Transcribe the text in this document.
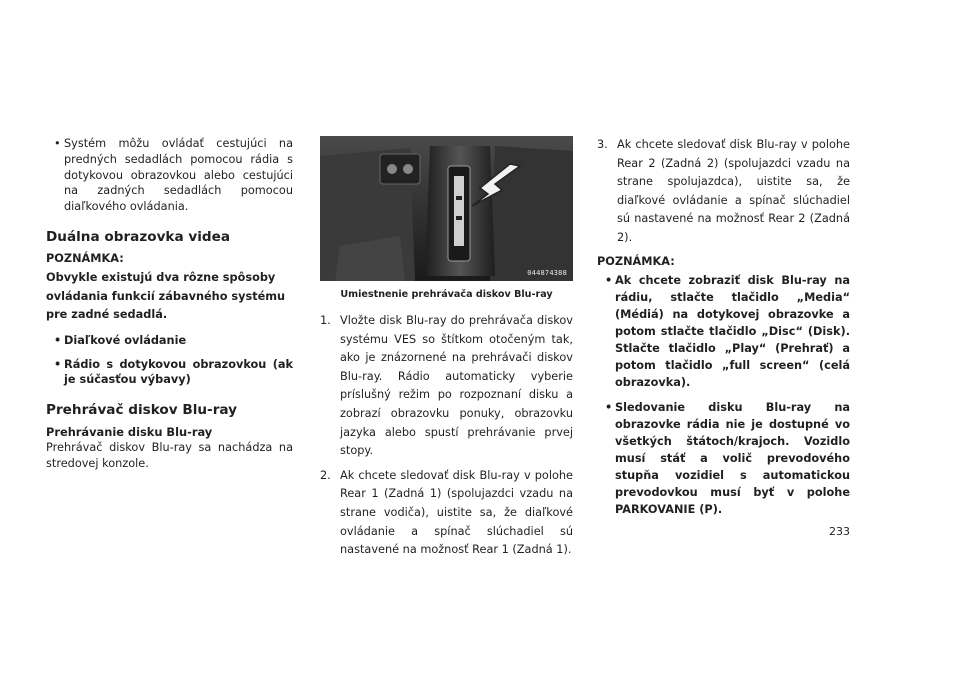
• Systém môžu ovládať cestujúci na predných sedadlách pomocou rádia s dotykovou obrazovkou alebo cestujúci na zadných sedadlách pomocou diaľkového ovládania.

Duálna obrazovka videa
POZNÁMKA:

Obvykle existujú dva rôzne spôsoby ovládania funkcií zábavného systému pre zadné sedadlá.

• Diaľkové ovládanie

• Rádio s dotykovou obrazovkou (ak je súčasťou výbavy)

Prehrávač diskov Blu-ray
Prehrávanie disku Blu-ray

Prehrávač diskov Blu-ray sa nachádza na stredovej konzole.

044874388
Umiestnenie prehrávača diskov Blu-ray
1. Vložte disk Blu-ray do prehrávača diskov systému VES so štítkom otočeným tak, ako je znázornené na prehrávači diskov Blu-ray. Rádio automaticky vyberie príslušný režim po rozpoznaní disku a zobrazí obrazovku ponuky, obrazovku jazyka alebo spustí prehrávanie prvej stopy.
2. Ak chcete sledovať disk Blu-ray v polohe Rear 1 (Zadná 1) (spolujazdci vzadu na strane vodiča), uistite sa, že diaľkové ovládanie a spínač slúchadiel sú nastavené na možnosť Rear 1 (Zadná 1).
3. Ak chcete sledovať disk Blu-ray v polohe Rear 2 (Zadná 2) (spolujazdci vzadu na strane spolujazdca), uistite sa, že diaľkové ovládanie a spínač slúchadiel sú nastavené na možnosť Rear 2 (Zadná 2).
POZNÁMKA:

• Ak chcete zobraziť disk Blu-ray na rádiu, stlačte tlačidlo „Media“ (Médiá) na dotykovej obrazovke a potom stlačte tlačidlo „Disc“ (Disk). Stlačte tlačidlo „Play“ (Prehrať) a potom tlačidlo „full screen“ (celá obrazovka).

• Sledovanie disku Blu-ray na obrazovke rádia nie je dostupné vo všetkých štátoch/krajoch. Vozidlo musí stáť a volič prevodového stupňa vozidiel s automatickou prevodovkou musí byť v polohe PARKOVANIE (P).

233
